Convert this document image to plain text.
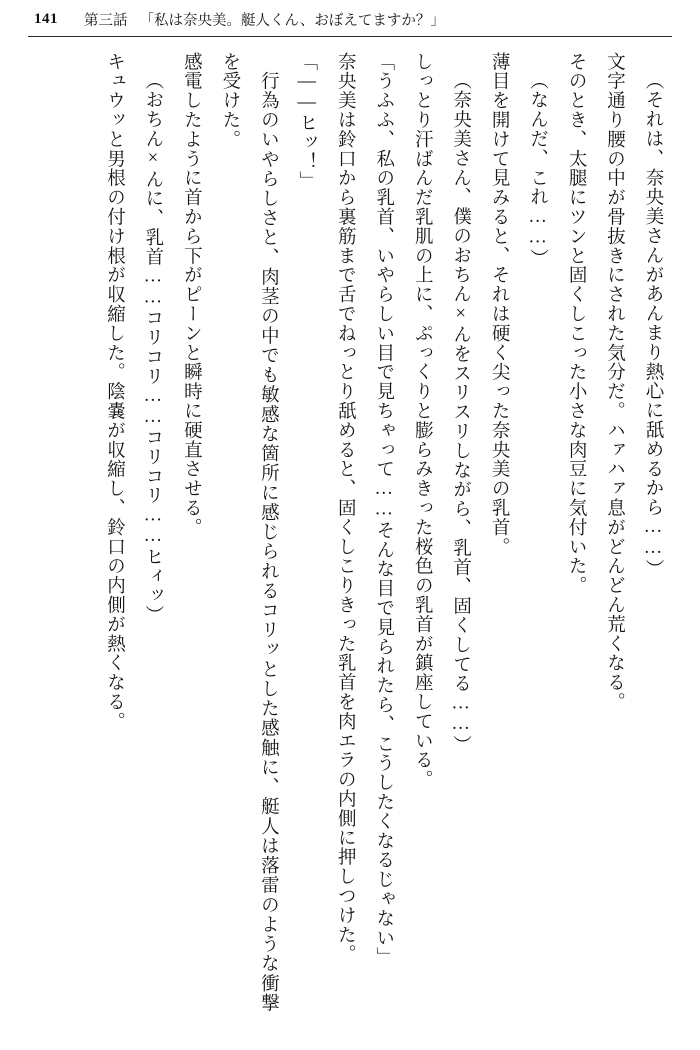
141 第三話 「私は奈央美。艇人くん、おぼえてますか？」

（それは、奈央美さんがあんまり熱心に舐めるから……）

文字通り腰の中が骨抜きにされた気分だ。ハァハァ息がどんどん荒くなる。

そのとき、太腿にツンと固くしこった小さな肉豆に気付いた。

（なんだ、これ……）

薄目を開けて見みると、それは硬く尖った奈央美の乳首。

（奈央美さん、僕のおちん×んをスリスリしながら、乳首、固くしてる……）

しっとり汗ばんだ乳肌の上に、ぷっくりと膨らみきった桜色の乳首が鎮座している。

「うふふ、私の乳首、いやらしい目で見ちゃって……そんな目で見られたら、こうしたくなるじゃない」

奈央美は鈴口から裏筋まで舌でねっとり舐めると、固くしこりきった乳首を肉エラの内側に押しつけた。

「——ヒッ！」

行為のいやらしさと、肉茎の中でも敏感な箇所に感じられるコリッとした感触に、艇人は落雷のような衝撃を受けた。

感電したように首から下がピーンと瞬時に硬直させる。

（おちん×んに、乳首……コリコリ……コリコリ……ヒィッ）

キュウッと男根の付け根が収縮した。陰嚢が収縮し、鈴口の内側が熱くなる。
